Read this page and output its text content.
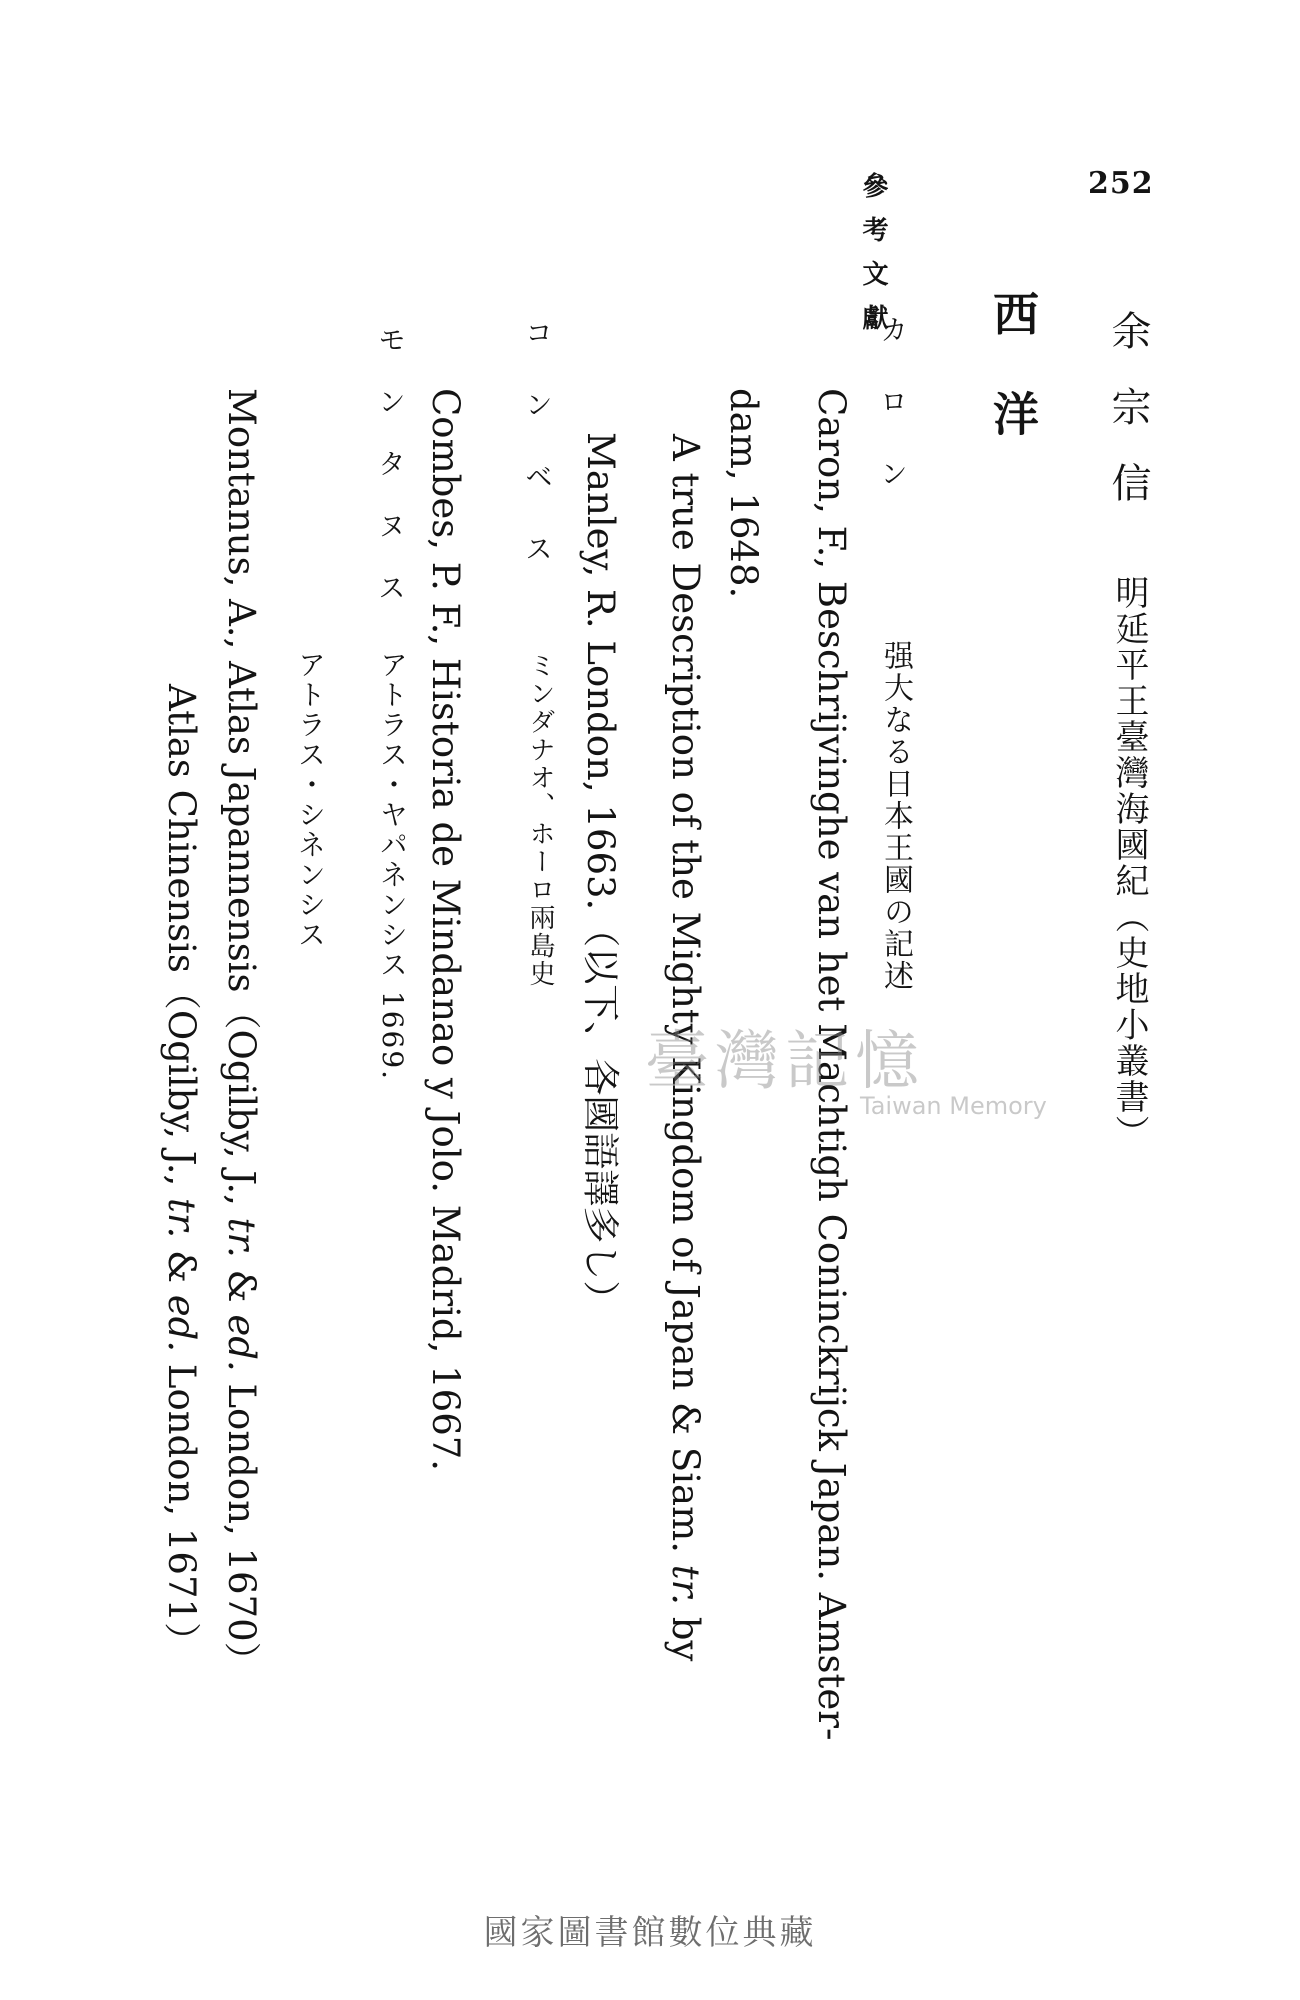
參考文獻	252
余宗信
明延平王臺灣海國紀（史地小叢書）
西洋
カロン
强大なる日本王國の記述
Caron, F., Beschrijvinghe van het Machtigh Coninckrijck Japan. Amster-
dam, 1648.
A true Description of the Mighty Kingdom of Japan & Siam. tr. by
Manley, R. London, 1663.（以下、各國語譯多し）
コンベス
ミンダナオ、ホーロ兩島史
Combes, P. F., Historia de Mindanao y Jolo. Madrid, 1667.
モンタヌス
アトラス・ヤパネンシス 1669.
アトラス・シネンシス
Montanus, A., Atlas Japannensis（Ogilby, J., tr. & ed. London, 1670）
Atlas Chinensis（Ogilby, J., tr. & ed. London, 1671）
臺灣記憶
Taiwan Memory
國家圖書館數位典藏
